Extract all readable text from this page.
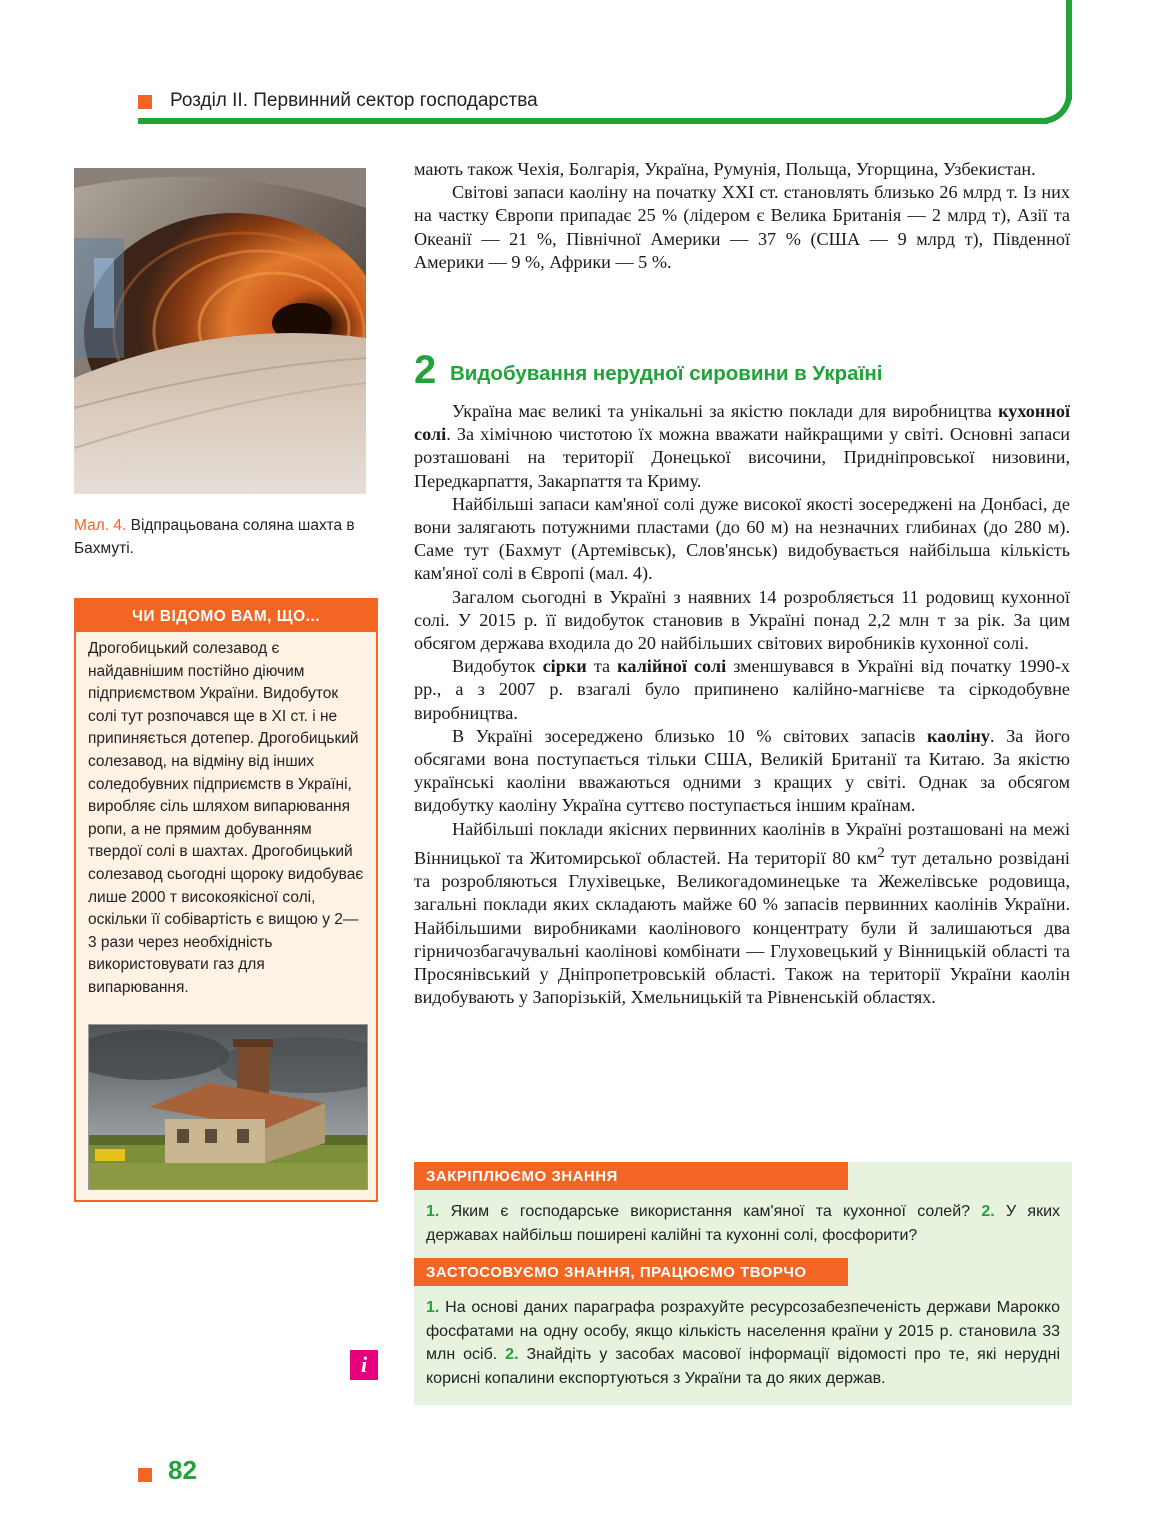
Розділ ІІ. Первинний сектор господарства
Мал. 4. Відпрацьована соляна шахта в Бахмуті.
ЧИ ВІДОМО ВАМ, ЩО...
Дрогобицький солезавод є найдавнішим постійно діючим підприємством України. Видобуток солі тут розпочався ще в XI ст. і не припиняється дотепер. Дрогобицький солезавод, на відміну від інших соледобувних підприємств в Україні, виробляє сіль шляхом випарювання ропи, а не прямим добуванням твердої солі в шахтах. Дрогобицький солезавод сьогодні щороку видобуває лише 2000 т високоякісної солі, оскільки її собівартість є вищою у 2—3 рази через необхідність використовувати газ для випарювання.

мають також Чехія, Болгарія, Україна, Румунія, Польща, Угорщина, Узбекистан.

Світові запаси каоліну на початку XXI ст. становлять близько 26 млрд т. Із них на частку Європи припадає 25 % (лідером є Велика Британія — 2 млрд т), Азії та Океанії — 21 %, Північної Америки — 37 % (США — 9 млрд т), Південної Америки — 9 %, Африки — 5 %.

2 Видобування нерудної сировини в Україні

Україна має великі та унікальні за якістю поклади для виробництва кухонної солі. За хімічною чистотою їх можна вважати найкращими у світі. Основні запаси розташовані на території Донецької височини, Придніпровської низовини, Передкарпаття, Закарпаття та Криму.

Найбільші запаси кам'яної солі дуже високої якості зосереджені на Донбасі, де вони залягають потужними пластами (до 60 м) на незначних глибинах (до 280 м). Саме тут (Бахмут (Артемівськ), Слов'янськ) видобувається найбільша кількість кам'яної солі в Європі (мал. 4).

Загалом сьогодні в Україні з наявних 14 розробляється 11 родовищ кухонної солі. У 2015 р. її видобуток становив в Україні понад 2,2 млн т за рік. За цим обсягом держава входила до 20 найбільших світових виробників кухонної солі.

Видобуток сірки та калійної солі зменшувався в Україні від початку 1990-х рр., а з 2007 р. взагалі було припинено калійно-магнієве та сіркодобувне виробництва.

В Україні зосереджено близько 10 % світових запасів каоліну. За його обсягами вона поступається тільки США, Великій Британії та Китаю. За якістю українські каоліни вважаються одними з кращих у світі. Однак за обсягом видобутку каоліну Україна суттєво поступається іншим країнам.

Найбільші поклади якісних первинних каолінів в Україні розташовані на межі Вінницької та Житомирської областей. На території 80 $км^2$ тут детально розвідані та розробляються Глухівецьке, Великогадоминецьке та Жежелівське родовища, загальні поклади яких складають майже 60 % запасів первинних каолінів України. Найбільшими виробниками каолінового концентрату були й залишаються два гірничозбагачувальні каолінові комбінати — Глуховецький у Вінницькій області та Просянівський у Дніпропетровській області. Також на території України каолін видобувають у Запорізькій, Хмельницькій та Рівненській областях.

ЗАКРІПЛЮЄМО ЗНАННЯ
1. Яким є господарське використання кам'яної та кухонної солей? 2. У яких державах найбільш поширені калійні та кухонні солі, фосфорити?
ЗАСТОСОВУЄМО ЗНАННЯ, ПРАЦЮЄМО ТВОРЧО
1. На основі даних параграфа розрахуйте ресурсозабезпеченість держави Марокко фосфатами на одну особу, якщо кількість населення країни у 2015 р. становила 33 млн осіб. 2. Знайдіть у засобах масової інформації відомості про те, які нерудні корисні копалини експортуються з України та до яких держав.
i
82
